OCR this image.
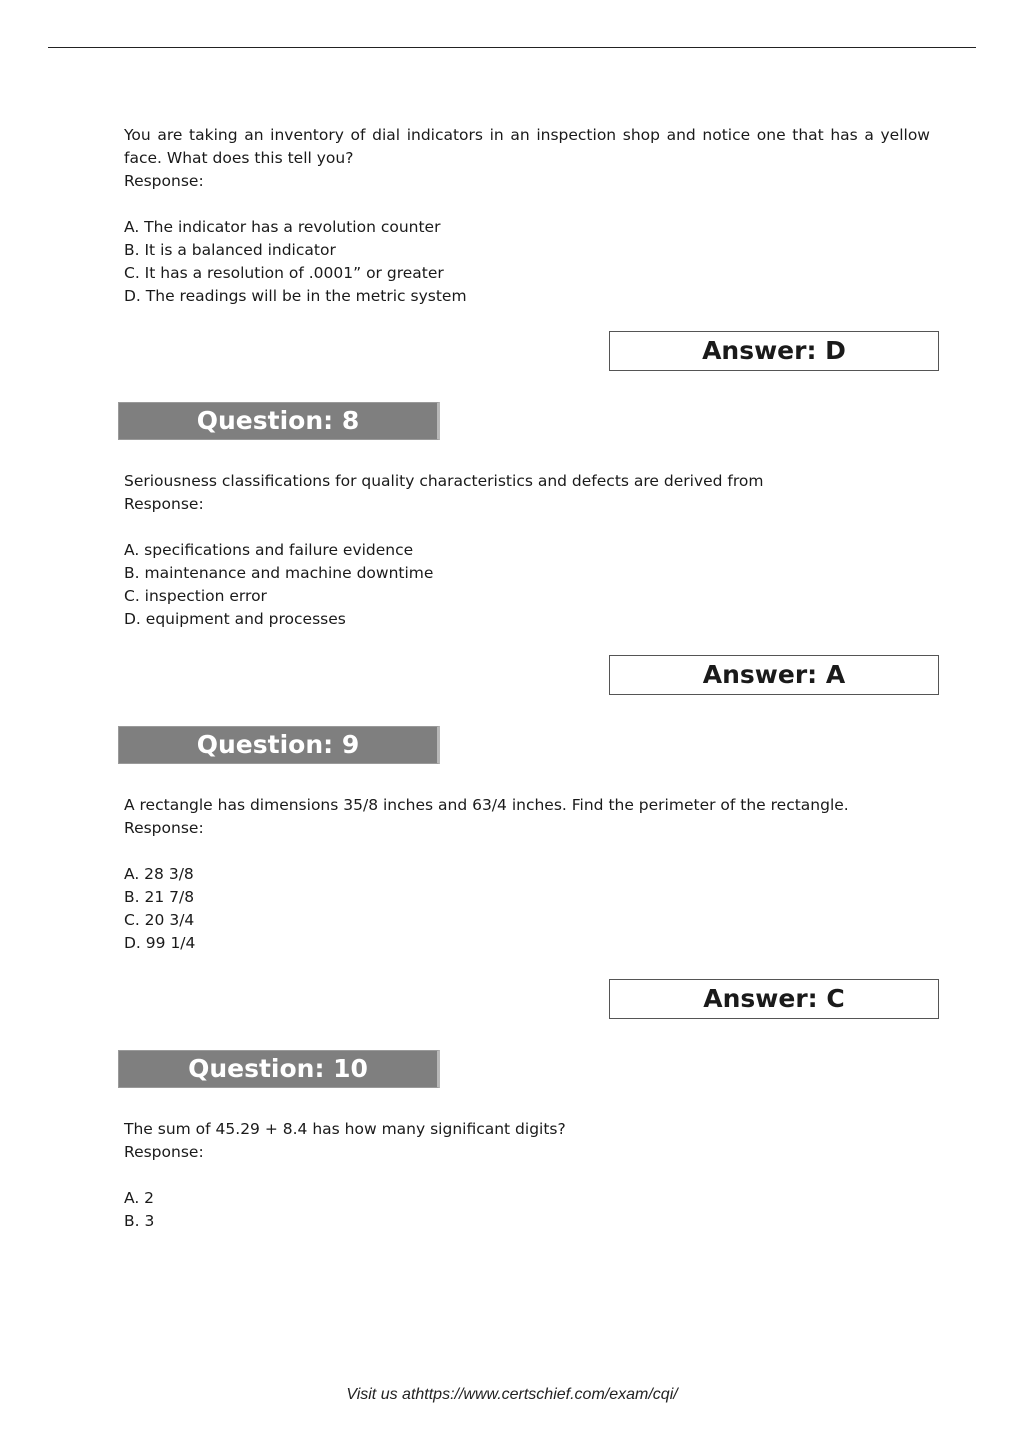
You are taking an inventory of dial indicators in an inspection shop and notice one that has a yellow face. What does this tell you?

Response:

A. The indicator has a revolution counter
B. It is a balanced indicator
C. It has a resolution of .0001” or greater
D. The readings will be in the metric system
Answer: D
Question: 8

Seriousness classifications for quality characteristics and defects are derived from

Response:

A. specifications and failure evidence
B. maintenance and machine downtime
C. inspection error
D. equipment and processes
Answer: A
Question: 9

A rectangle has dimensions 35/8 inches and 63/4 inches. Find the perimeter of the rectangle.

Response:

A. 28 3/8
B. 21 7/8
C. 20 3/4
D. 99 1/4
Answer: C
Question: 10

The sum of 45.29 + 8.4 has how many significant digits?

Response:

A. 2
B. 3
Visit us athttps://www.certschief.com/exam/cqi/
